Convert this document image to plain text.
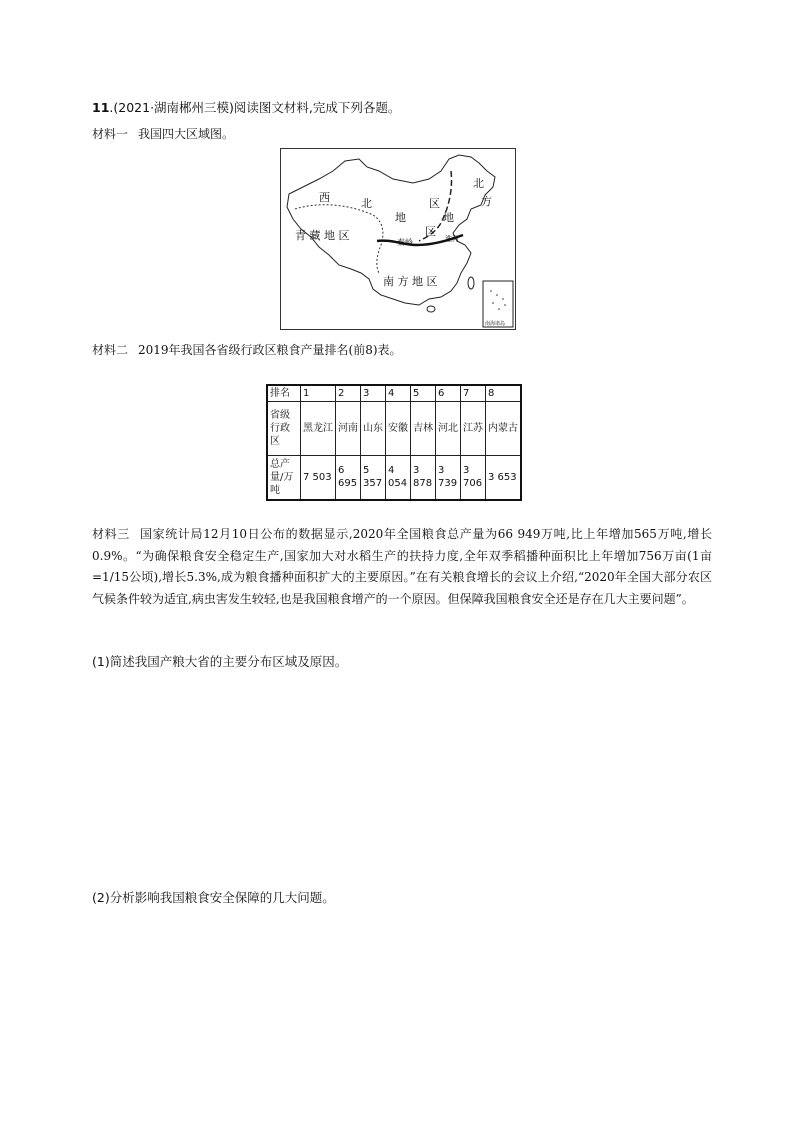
11.(2021·湖南郴州三模)阅读图文材料,完成下列各题。
材料一 我国四大区域图。
西	北
地
区
北
方
地
区
青 藏 地 区
秦岭	淮河
南 方 地 区
南海诸岛
材料二 2019年我国各省级行政区粮食产量排名(前8)表。
排名	1	2	3	4	5	6	7	8
省级行政区	黑龙江	河南	山东	安徽	吉林	河北	江苏	内蒙古
总产量/万吨	7 503	6 695	5 357	4 054	3 878	3 739	3 706	3 653
材料三 国家统计局12月10日公布的数据显示,2020年全国粮食总产量为66 949万吨,比上年增加565万吨,增长0.9%。“为确保粮食安全稳定生产,国家加大对水稻生产的扶持力度,全年双季稻播种面积比上年增加756万亩(1亩=1/15公顷),增长5.3%,成为粮食播种面积扩大的主要原因。”在有关粮食增长的会议上介绍,“2020年全国大部分农区气候条件较为适宜,病虫害发生较轻,也是我国粮食增产的一个原因。但保障我国粮食安全还是存在几大主要问题”。
(1)简述我国产粮大省的主要分布区域及原因。
(2)分析影响我国粮食安全保障的几大问题。
